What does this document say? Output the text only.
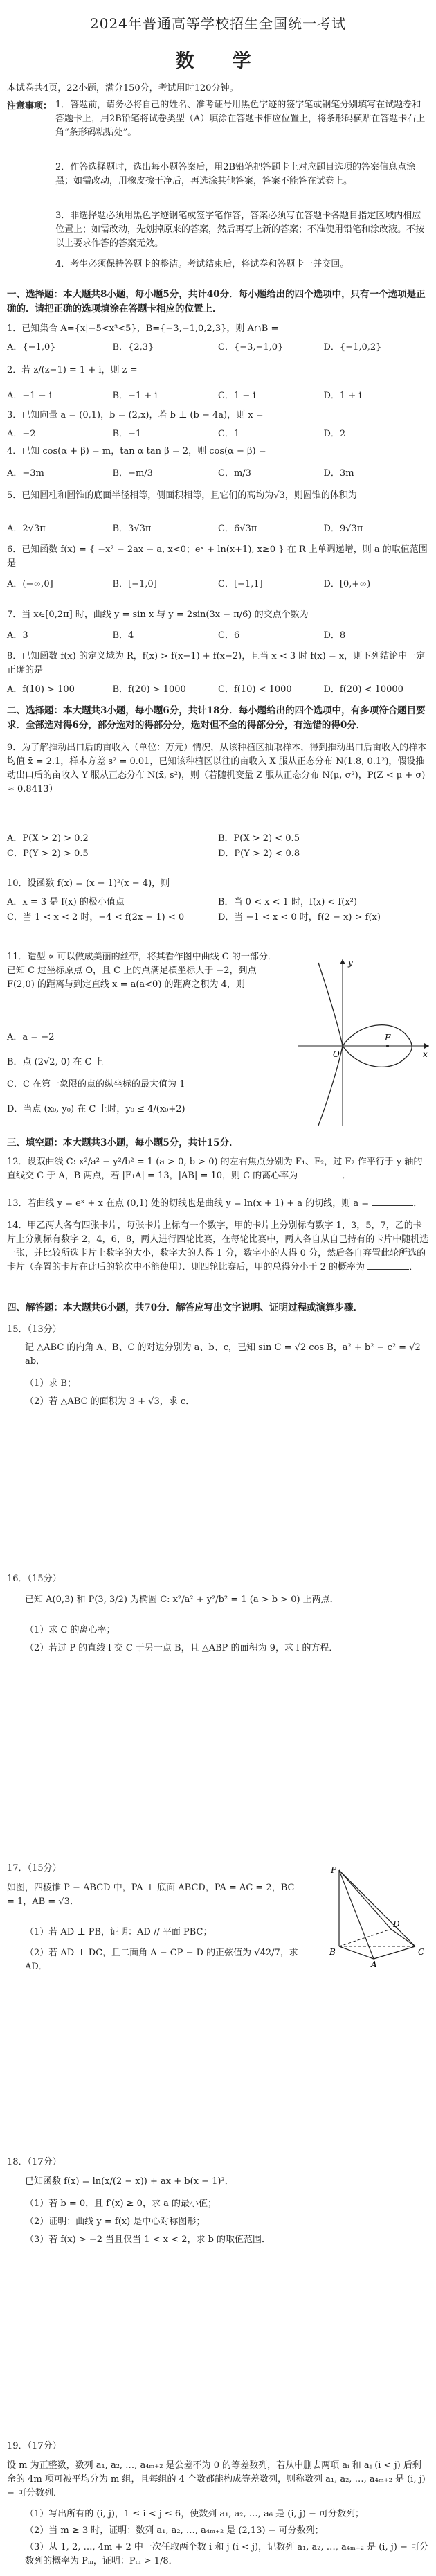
2024年普通高等学校招生全国统一考试
数　学
本试卷共4页，22小题，满分150分，考试用时120分钟。
注意事项： 1．答题前，请务必将自己的姓名、准考证号用黑色字迹的签字笔或钢笔分别填写在试题卷和答题卡上，用2B铅笔将试卷类型（A）填涂在答题卡相应位置上，将条形码横贴在答题卡右上角“条形码粘贴处”。
2．作答选择题时，选出每小题答案后，用2B铅笔把答题卡上对应题目选项的答案信息点涂黑；如需改动，用橡皮擦干净后，再选涂其他答案，答案不能答在试卷上。
3．非选择题必须用黑色字迹钢笔或签字笔作答，答案必须写在答题卡各题目指定区域内相应位置上；如需改动，先划掉原来的答案，然后再写上新的答案；不准使用铅笔和涂改液。不按以上要求作答的答案无效。
4．考生必须保持答题卡的整洁。考试结束后，将试卷和答题卡一并交回。
一、选择题：本大题共8小题，每小题5分，共计40分．每小题给出的四个选项中，只有一个选项是正确的．请把正确的选项填涂在答题卡相应的位置上．
1．已知集合 A={x|−5<x³<5}，B={−3,−1,0,2,3}，则 A∩B =
A．{−1,0}	B．{2,3}	C．{−3,−1,0}	D．{−1,0,2}
2．若 z/(z−1) = 1 + i，则 z =
A．−1 − i	B．−1 + i	C．1 − i	D．1 + i
3．已知向量 a = (0,1)，b = (2,x)，若 b ⊥ (b − 4a)，则 x =
A．−2	B．−1	C．1	D．2
4．已知 cos(α + β) = m，tan α tan β = 2，则 cos(α − β) =
A．−3m	B．−m/3	C．m/3	D．3m
5．已知圆柱和圆锥的底面半径相等，侧面积相等，且它们的高均为√3，则圆锥的体积为
A．2√3π	B．3√3π	C．6√3π	D．9√3π
6．已知函数 f(x) = { −x² − 2ax − a, x<0；eˣ + ln(x+1), x≥0 } 在 R 上单调递增，则 a 的取值范围是
A．(−∞,0]	B．[−1,0]	C．[−1,1]	D．[0,+∞)
7．当 x∈[0,2π] 时，曲线 y = sin x 与 y = 2sin(3x − π/6) 的交点个数为
A．3	B．4	C．6	D．8
8．已知函数 f(x) 的定义域为 R，f(x) > f(x−1) + f(x−2)，且当 x < 3 时 f(x) = x，则下列结论中一定正确的是
A．f(10) > 100	B．f(20) > 1000	C．f(10) < 1000	D．f(20) < 10000
二、选择题：本大题共3小题，每小题6分，共计18分．每小题给出的四个选项中，有多项符合题目要求．全部选对得6分，部分选对的得部分分，选对但不全的得部分分，有选错的得0分．
9．为了解推动出口后的亩收入（单位：万元）情况，从该种植区抽取样本，得到推动出口后亩收入的样本均值 x̄ = 2.1，样本方差 s² = 0.01，已知该种植区以往的亩收入 X 服从正态分布 N(1.8, 0.1²)，假设推动出口后的亩收入 Y 服从正态分布 N(x̄, s²)，则（若随机变量 Z 服从正态分布 N(μ, σ²)，P(Z < μ + σ) ≈ 0.8413）
A．P(X > 2) > 0.2	B．P(X > 2) < 0.5
C．P(Y > 2) > 0.5	D．P(Y > 2) < 0.8
10．设函数 f(x) = (x − 1)²(x − 4)，则
A．x = 3 是 f(x) 的极小值点	B．当 0 < x < 1 时，f(x) < f(x²)
C．当 1 < x < 2 时，−4 < f(2x − 1) < 0	D．当 −1 < x < 0 时，f(2 − x) > f(x)
11．造型 ∝ 可以做成美丽的丝带，将其看作图中曲线 C 的一部分．已知 C 过坐标原点 O，且 C 上的点满足横坐标大于 −2，到点 F(2,0) 的距离与到定直线 x = a(a<0) 的距离之积为 4，则
A．a = −2
B．点 (2√2, 0) 在 C 上
C．C 在第一象限的点的纵坐标的最大值为 1
D．当点 (x₀, y₀) 在 C 上时，y₀ ≤ 4/(x₀+2)
y
x
O
F
三、填空题：本大题共3小题，每小题5分，共计15分．
12．设双曲线 C: x²/a² − y²/b² = 1 (a > 0, b > 0) 的左右焦点分别为 F₁、F₂，过 F₂ 作平行于 y 轴的直线交 C 于 A，B 两点，若 |F₁A| = 13，|AB| = 10，则 C 的离心率为	．
13．若曲线 y = eˣ + x 在点 (0,1) 处的切线也是曲线 y = ln(x + 1) + a 的切线，则 a =	．
14．甲乙两人各有四张卡片，每张卡片上标有一个数字，甲的卡片上分别标有数字 1，3，5，7，乙的卡片上分别标有数字 2，4，6，8，两人进行四轮比赛，在每轮比赛中，两人各自从自己持有的卡片中随机选一张，并比较所选卡片上数字的大小，数字大的人得 1 分，数字小的人得 0 分，然后各自弃置此轮所选的卡片（弃置的卡片在此后的轮次中不能使用）．则四轮比赛后，甲的总得分小于 2 的概率为	．
四、解答题：本大题共6小题，共70分．解答应写出文字说明、证明过程或演算步骤．
15．（13分）
记 △ABC 的内角 A、B、C 的对边分别为 a、b、c，已知 sin C = √2 cos B，a² + b² − c² = √2 ab．
（1）求 B；
（2）若 △ABC 的面积为 3 + √3，求 c．
16．（15分）
已知 A(0,3) 和 P(3, 3/2) 为椭圆 C: x²/a² + y²/b² = 1 (a > b > 0) 上两点．
（1）求 C 的离心率；
（2）若过 P 的直线 l 交 C 于另一点 B，且 △ABP 的面积为 9，求 l 的方程．
17．（15分）
如图，四棱锥 P − ABCD 中，PA ⊥ 底面 ABCD，PA = AC = 2，BC = 1，AB = √3．
（1）若 AD ⊥ PB，证明：AD // 平面 PBC；
（2）若 AD ⊥ DC，且二面角 A − CP − D 的正弦值为 √42/7，求 AD．
P
B
A
C
D
18．（17分）
已知函数 f(x) = ln(x/(2 − x)) + ax + b(x − 1)³．
（1）若 b = 0，且 f′(x) ≥ 0，求 a 的最小值；
（2）证明：曲线 y = f(x) 是中心对称图形；
（3）若 f(x) > −2 当且仅当 1 < x < 2，求 b 的取值范围．
19．（17分）
设 m 为正整数，数列 a₁, a₂, …, a₄ₘ₊₂ 是公差不为 0 的等差数列，若从中删去两项 aᵢ 和 aⱼ (i < j) 后剩余的 4m 项可被平均分为 m 组，且每组的 4 个数都能构成等差数列，则称数列 a₁, a₂, …, a₄ₘ₊₂ 是 (i, j) − 可分数列．
（1）写出所有的 (i, j)，1 ≤ i < j ≤ 6，使数列 a₁, a₂, …, a₆ 是 (i, j) − 可分数列；
（2）当 m ≥ 3 时，证明：数列 a₁, a₂, …, a₄ₘ₊₂ 是 (2,13) − 可分数列；
（3）从 1, 2, …, 4m + 2 中一次任取两个数 i 和 j (i < j)，记数列 a₁, a₂, …, a₄ₘ₊₂ 是 (i, j) − 可分数列的概率为 Pₘ，证明：Pₘ > 1/8．
